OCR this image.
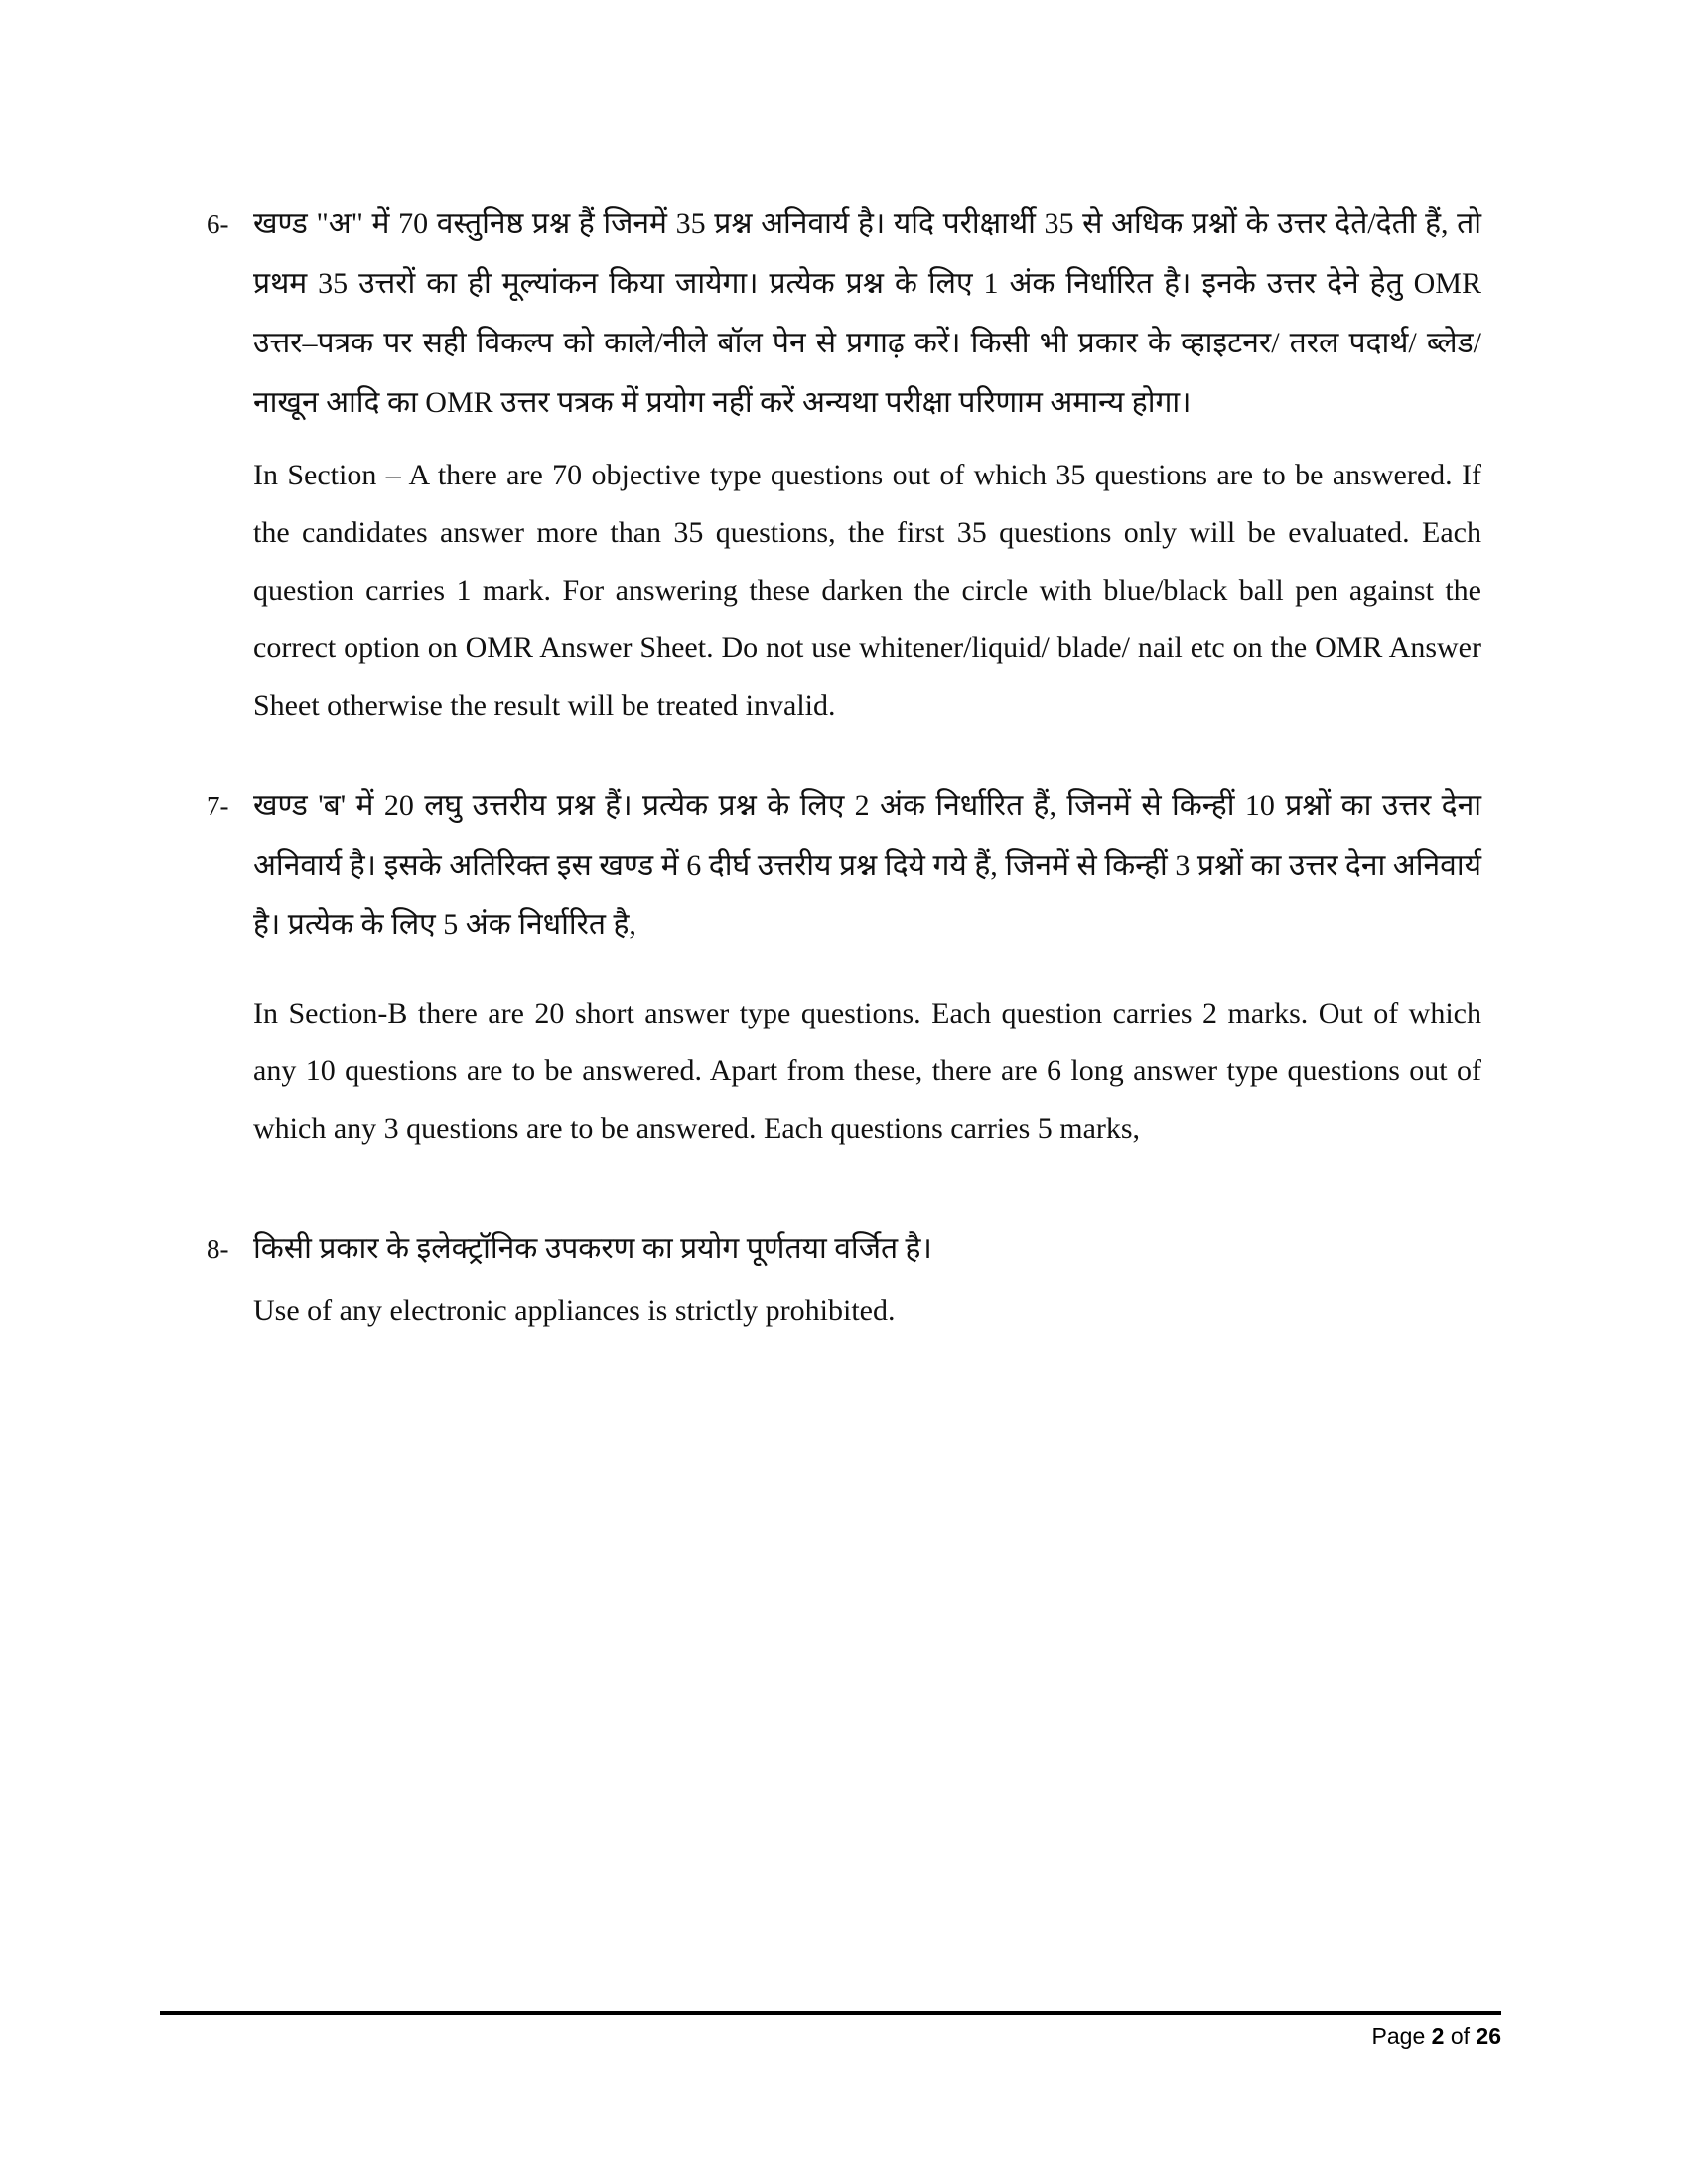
6- खण्ड "अ" में 70 वस्तुनिष्ठ प्रश्न हैं जिनमें 35 प्रश्न अनिवार्य है। यदि परीक्षार्थी 35 से अधिक प्रश्नों के उत्तर देते/देती हैं, तो प्रथम 35 उत्तरों का ही मूल्यांकन किया जायेगा। प्रत्येक प्रश्न के लिए 1 अंक निर्धारित है। इनके उत्तर देने हेतु OMR उत्तर–पत्रक पर सही विकल्प को काले/नीले बॉल पेन से प्रगाढ़ करें। किसी भी प्रकार के व्हाइटनर/ तरल पदार्थ/ ब्लेड/नाखून आदि का OMR उत्तर पत्रक में प्रयोग नहीं करें अन्यथा परीक्षा परिणाम अमान्य होगा।

In Section – A there are 70 objective type questions out of which 35 questions are to be answered. If the candidates answer more than 35 questions, the first 35 questions only will be evaluated. Each question carries 1 mark. For answering these darken the circle with blue/black ball pen against the correct option on OMR Answer Sheet. Do not use whitener/liquid/ blade/ nail etc on the OMR Answer Sheet otherwise the result will be treated invalid.

7- खण्ड 'ब' में 20 लघु उत्तरीय प्रश्न हैं। प्रत्येक प्रश्न के लिए 2 अंक निर्धारित हैं, जिनमें से किन्हीं 10 प्रश्नों का उत्तर देना अनिवार्य है। इसके अतिरिक्त इस खण्ड में 6 दीर्घ उत्तरीय प्रश्न दिये गये हैं, जिनमें से किन्हीं 3 प्रश्नों का उत्तर देना अनिवार्य है। प्रत्येक के लिए 5 अंक निर्धारित है,

In Section-B there are 20 short answer type questions. Each question carries 2 marks. Out of which any 10 questions are to be answered. Apart from these, there are 6 long answer type questions out of which any 3 questions are to be answered. Each questions carries 5 marks,

8- किसी प्रकार के इलेक्ट्रॉनिक उपकरण का प्रयोग पूर्णतया वर्जित है।

Use of any electronic appliances is strictly prohibited.

Page 2 of 26
